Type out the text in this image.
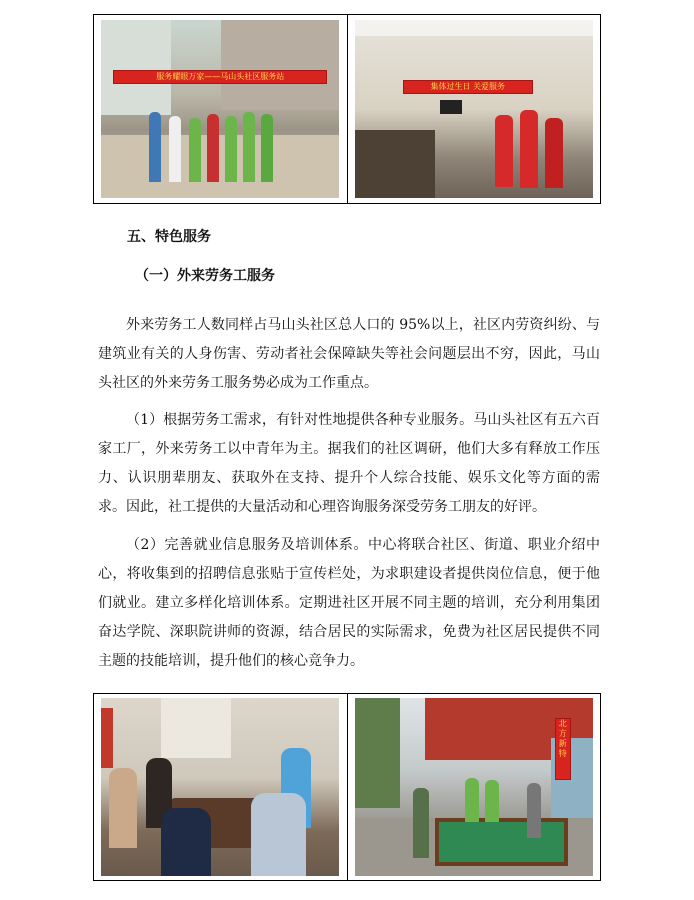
服务耀眼万家——马山头社区服务站
集体过生日 关爱服务
五、特色服务
（一）外来劳务工服务

外来劳务工人数同样占马山头社区总人口的 95%以上，社区内劳资纠纷、与建筑业有关的人身伤害、劳动者社会保障缺失等社会问题层出不穷，因此，马山头社区的外来劳务工服务势必成为工作重点。

（1）根据劳务工需求，有针对性地提供各种专业服务。马山头社区有五六百家工厂，外来劳务工以中青年为主。据我们的社区调研，他们大多有释放工作压力、认识朋辈朋友、获取外在支持、提升个人综合技能、娱乐文化等方面的需求。因此，社工提供的大量活动和心理咨询服务深受劳务工朋友的好评。

（2）完善就业信息服务及培训体系。中心将联合社区、街道、职业介绍中心，将收集到的招聘信息张贴于宣传栏处，为求职建设者提供岗位信息，便于他们就业。建立多样化培训体系。定期进社区开展不同主题的培训，充分利用集团奋达学院、深职院讲师的资源，结合居民的实际需求，免费为社区居民提供不同主题的技能培训，提升他们的核心竞争力。

北方新特
